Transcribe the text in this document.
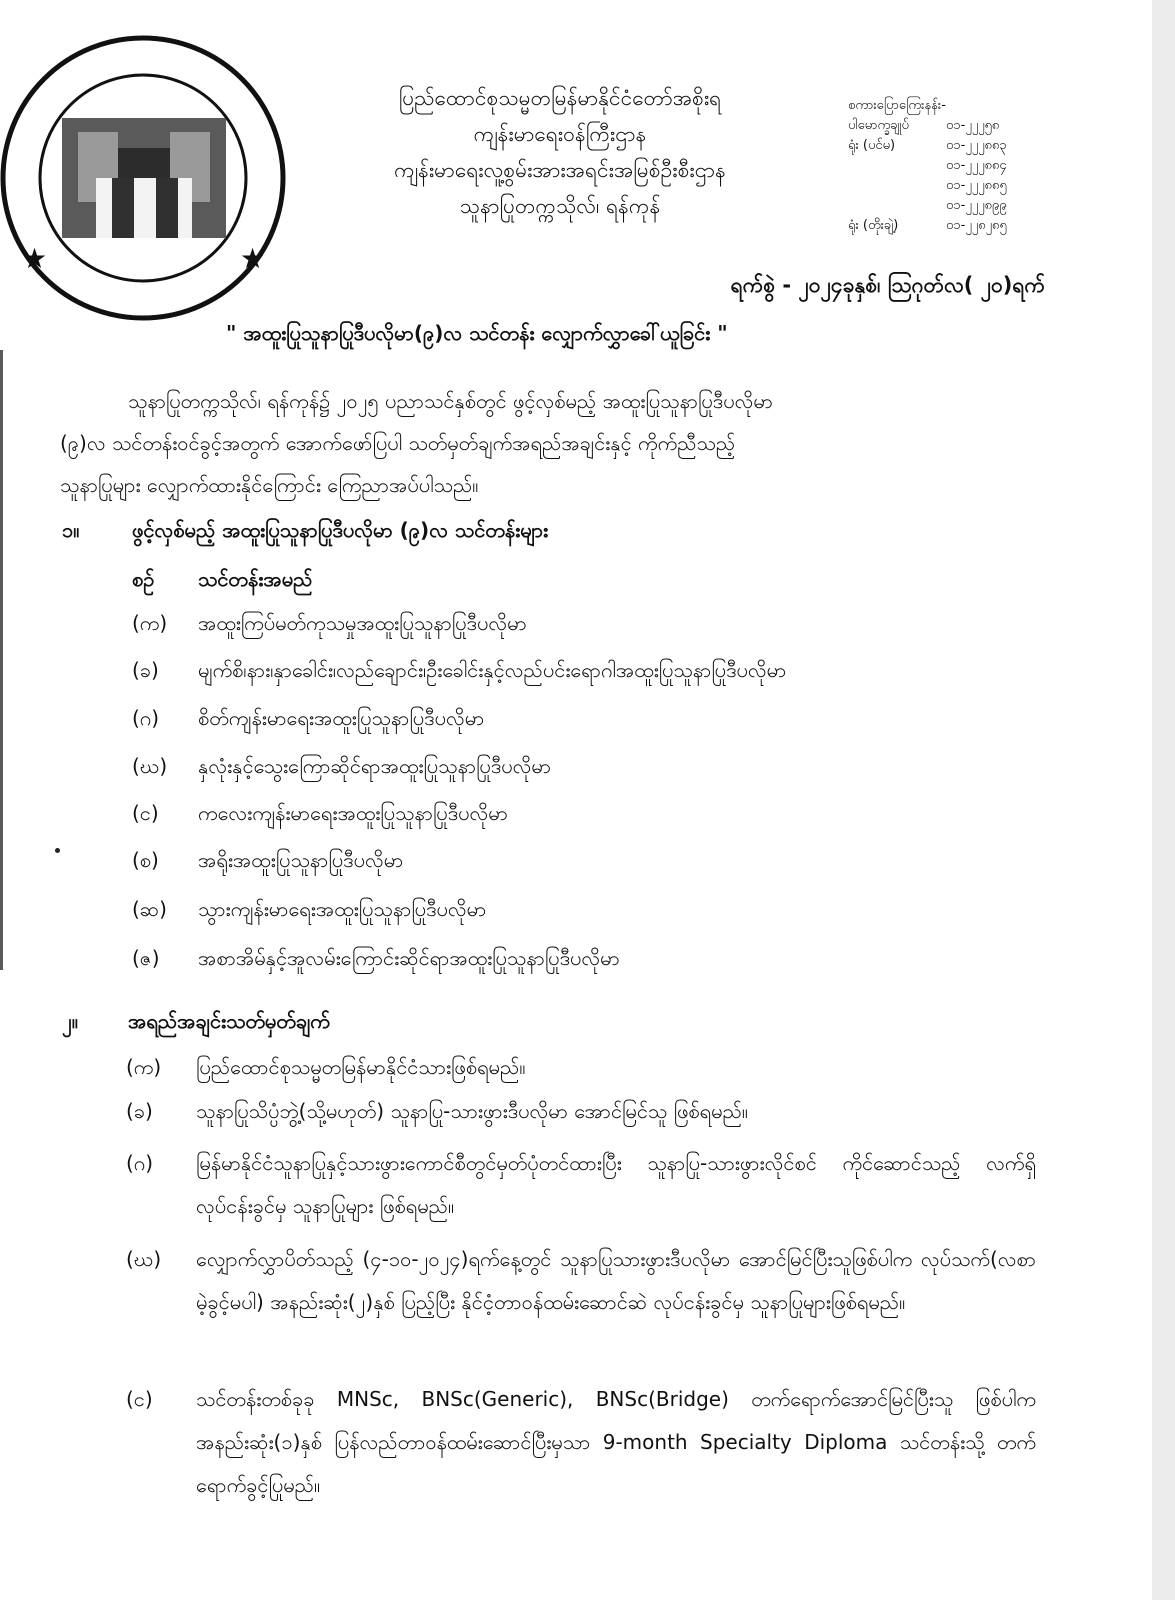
★	★
ပြည်ထောင်စုသမ္မတမြန်မာနိုင်ငံတော်အစိုးရ
ကျန်းမာရေးဝန်ကြီးဌာန
ကျန်းမာရေးလူ့စွမ်းအားအရင်းအမြစ်ဦးစီးဌာန
သူနာပြုတက္ကသိုလ်၊ ရန်ကုန်
စကားပြောကြေးနန်း-
ပါမောက္ခချုပ်	၀၁-၂၂၂၅၈
ရုံး (ပင်မ)	၀၁-၂၂၂၈၈၃
၀၁-၂၂၂၈၈၄
၀၁-၂၂၂၈၈၅
၀၁-၂၂၂၈၉၉
ရုံး (တိုးချဲ့)	၀၁-၂၂၈၂၈၅
ရက်စွဲ - ၂၀၂၄ခုနှစ်၊ ဩဂုတ်လ( ၂၀)ရက်
" အထူးပြုသူနာပြုဒီပလိုမာ(၉)လ သင်တန်း လျှောက်လွှာခေါ်ယူခြင်း "

သူနာပြုတက္ကသိုလ်၊ ရန်ကုန်၌ ၂၀၂၅ ပညာသင်နှစ်တွင် ဖွင့်လှစ်မည့် အထူးပြုသူနာပြုဒီပလိုမာ

(၉)လ သင်တန်းဝင်ခွင့်အတွက် အောက်ဖော်ပြပါ သတ်မှတ်ချက်အရည်အချင်းနှင့် ကိုက်ညီသည့်

သူနာပြုများ လျှောက်ထားနိုင်ကြောင်း ကြေညာအပ်ပါသည်။

၁။	ဖွင့်လှစ်မည့် အထူးပြုသူနာပြုဒီပလိုမာ (၉)လ သင်တန်းများ
စဉ် သင်တန်းအမည်
(က) အထူးကြပ်မတ်ကုသမှုအထူးပြုသူနာပြုဒီပလိုမာ
(ခ) မျက်စိ၊နား၊နှာခေါင်း၊လည်ချောင်း၊ဦးခေါင်းနှင့်လည်ပင်းရောဂါအထူးပြုသူနာပြုဒီပလိုမာ
(ဂ) စိတ်ကျန်းမာရေးအထူးပြုသူနာပြုဒီပလိုမာ
(ဃ) နှလုံးနှင့်သွေးကြောဆိုင်ရာအထူးပြုသူနာပြုဒီပလိုမာ
(င) ကလေးကျန်းမာရေးအထူးပြုသူနာပြုဒီပလိုမာ
(စ) အရိုးအထူးပြုသူနာပြုဒီပလိုမာ
(ဆ) သွားကျန်းမာရေးအထူးပြုသူနာပြုဒီပလိုမာ
(ဇ) အစာအိမ်နှင့်အူလမ်းကြောင်းဆိုင်ရာအထူးပြုသူနာပြုဒီပလိုမာ
၂။	အရည်အချင်းသတ်မှတ်ချက်
(က) ပြည်ထောင်စုသမ္မတမြန်မာနိုင်ငံသားဖြစ်ရမည်။
(ခ) သူနာပြုသိပ္ပံဘွဲ့(သို့မဟုတ်) သူနာပြု-သားဖွားဒီပလိုမာ အောင်မြင်သူ ဖြစ်ရမည်။
(ဂ) မြန်မာနိုင်ငံသူနာပြုနှင့်သားဖွားကောင်စီတွင်မှတ်ပုံတင်ထားပြီး သူနာပြု-သားဖွားလိုင်စင် ကိုင်ဆောင်သည့် လက်ရှိလုပ်ငန်းခွင်မှ သူနာပြုများ ဖြစ်ရမည်။
(ဃ) လျှောက်လွှာပိတ်သည့် (၄-၁၀-၂၀၂၄)ရက်နေ့တွင် သူနာပြုသားဖွားဒီပလိုမာ အောင်မြင်ပြီးသူဖြစ်ပါက လုပ်သက်(လစာမဲ့ခွင့်မပါ) အနည်းဆုံး(၂)နှစ် ပြည့်ပြီး နိုင်ငံ့တာဝန်ထမ်းဆောင်ဆဲ လုပ်ငန်းခွင်မှ သူနာပြုများဖြစ်ရမည်။
(င) သင်တန်းတစ်ခုခု MNSc, BNSc(Generic), BNSc(Bridge) တက်ရောက်အောင်မြင်ပြီးသူ ဖြစ်ပါက အနည်းဆုံး(၁)နှစ် ပြန်လည်တာဝန်ထမ်းဆောင်ပြီးမှသာ 9-month Specialty Diploma သင်တန်းသို့ တက်ရောက်ခွင့်ပြုမည်။
